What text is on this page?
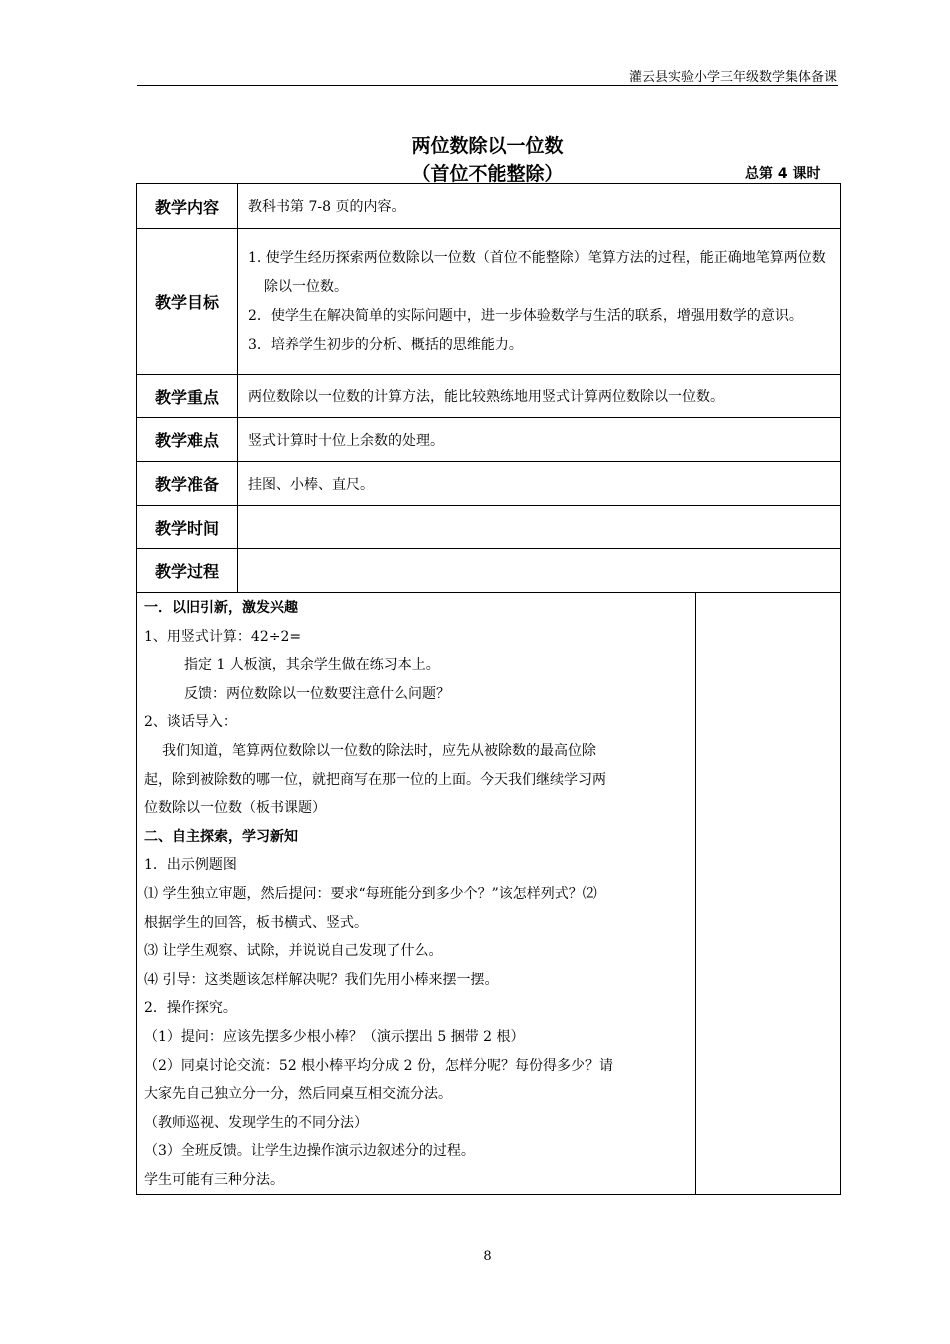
灌云县实验小学三年级数学集体备课
两位数除以一位数
（首位不能整除）	总第 4 课时
教学内容	教科书第 7-8 页的内容。
教学目标	1. 使学生经历探索两位数除以一位数（首位不能整除）笔算方法的过程，能正确地笔算两位数除以一位数。
2．使学生在解决简单的实际问题中，进一步体验数学与生活的联系，增强用数学的意识。
3．培养学生初步的分析、概括的思维能力。

教学重点	两位数除以一位数的计算方法，能比较熟练地用竖式计算两位数除以一位数。
教学难点	竖式计算时十位上余数的处理。
教学准备	挂图、小棒、直尺。
教学时间	
教学过程	
一．以旧引新，激发兴趣
1、用竖式计算：42÷2=
指定 1 人板演，其余学生做在练习本上。
反馈：两位数除以一位数要注意什么问题？
2、谈话导入：
我们知道，笔算两位数除以一位数的除法时，应先从被除数的最高位除
起，除到被除数的哪一位，就把商写在那一位的上面。今天我们继续学习两
位数除以一位数（板书课题）
二、自主探索，学习新知
1．出示例题图
⑴ 学生独立审题，然后提问：要求“每班能分到多少个？”该怎样列式？⑵
根据学生的回答，板书横式、竖式。
⑶ 让学生观察、试除，并说说自己发现了什么。
⑷ 引导：这类题该怎样解决呢？我们先用小棒来摆一摆。
2．操作探究。
（1）提问：应该先摆多少根小棒？（演示摆出 5 捆带 2 根）
（2）同桌讨论交流：52 根小棒平均分成 2 份，怎样分呢？每份得多少？请
大家先自己独立分一分，然后同桌互相交流分法。
（教师巡视、发现学生的不同分法）
（3）全班反馈。让学生边操作演示边叙述分的过程。
学生可能有三种分法。
8
